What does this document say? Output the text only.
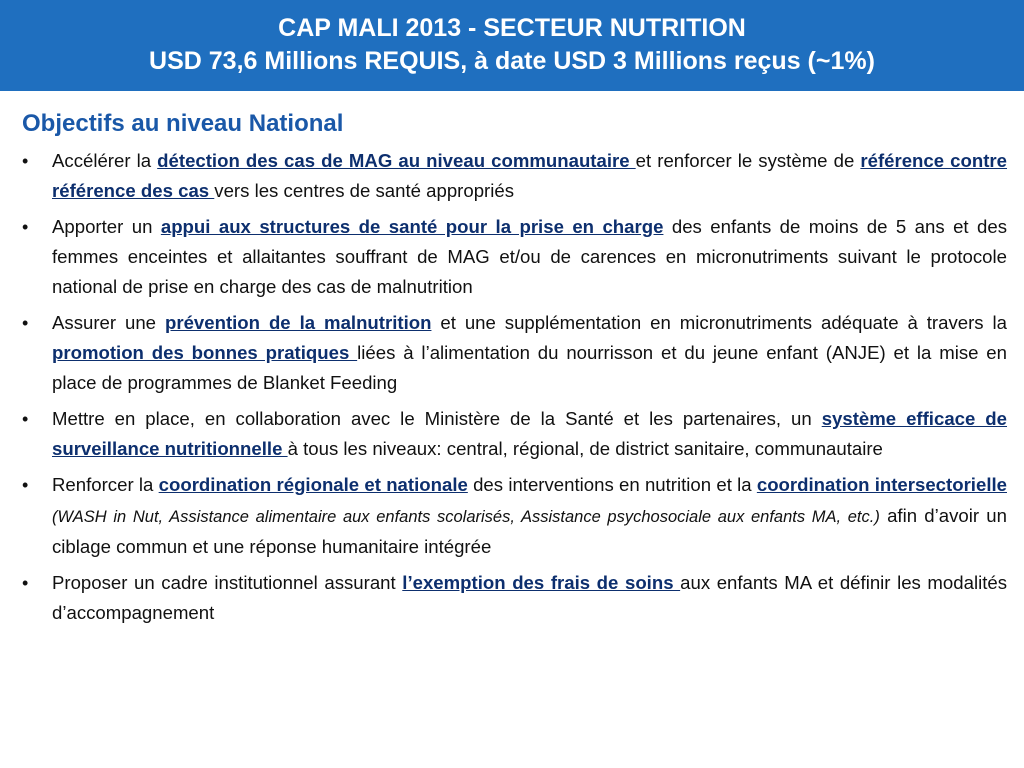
CAP MALI 2013 - SECTEUR NUTRITION
USD 73,6 Millions REQUIS, à date USD 3 Millions reçus (~1%)
Objectifs au niveau National
• Accélérer la détection des cas de MAG au niveau communautaire et renforcer le système de référence contre référence des cas vers les centres de santé appropriés
• Apporter un appui aux structures de santé pour la prise en charge des enfants de moins de 5 ans et des femmes enceintes et allaitantes souffrant de MAG et/ou de carences en micronutriments suivant le protocole national de prise en charge des cas de malnutrition
• Assurer une prévention de la malnutrition et une supplémentation en micronutriments adéquate à travers la promotion des bonnes pratiques liées à l’alimentation du nourrisson et du jeune enfant (ANJE) et la mise en place de programmes de Blanket Feeding
• Mettre en place, en collaboration avec le Ministère de la Santé et les partenaires, un système efficace de surveillance nutritionnelle à tous les niveaux: central, régional, de district sanitaire, communautaire
• Renforcer la coordination régionale et nationale des interventions en nutrition et la coordination intersectorielle (WASH in Nut, Assistance alimentaire aux enfants scolarisés, Assistance psychosociale aux enfants MA, etc.) afin d’avoir un ciblage commun et une réponse humanitaire intégrée
• Proposer un cadre institutionnel assurant l’exemption des frais de soins aux enfants MA et définir les modalités d’accompagnement
